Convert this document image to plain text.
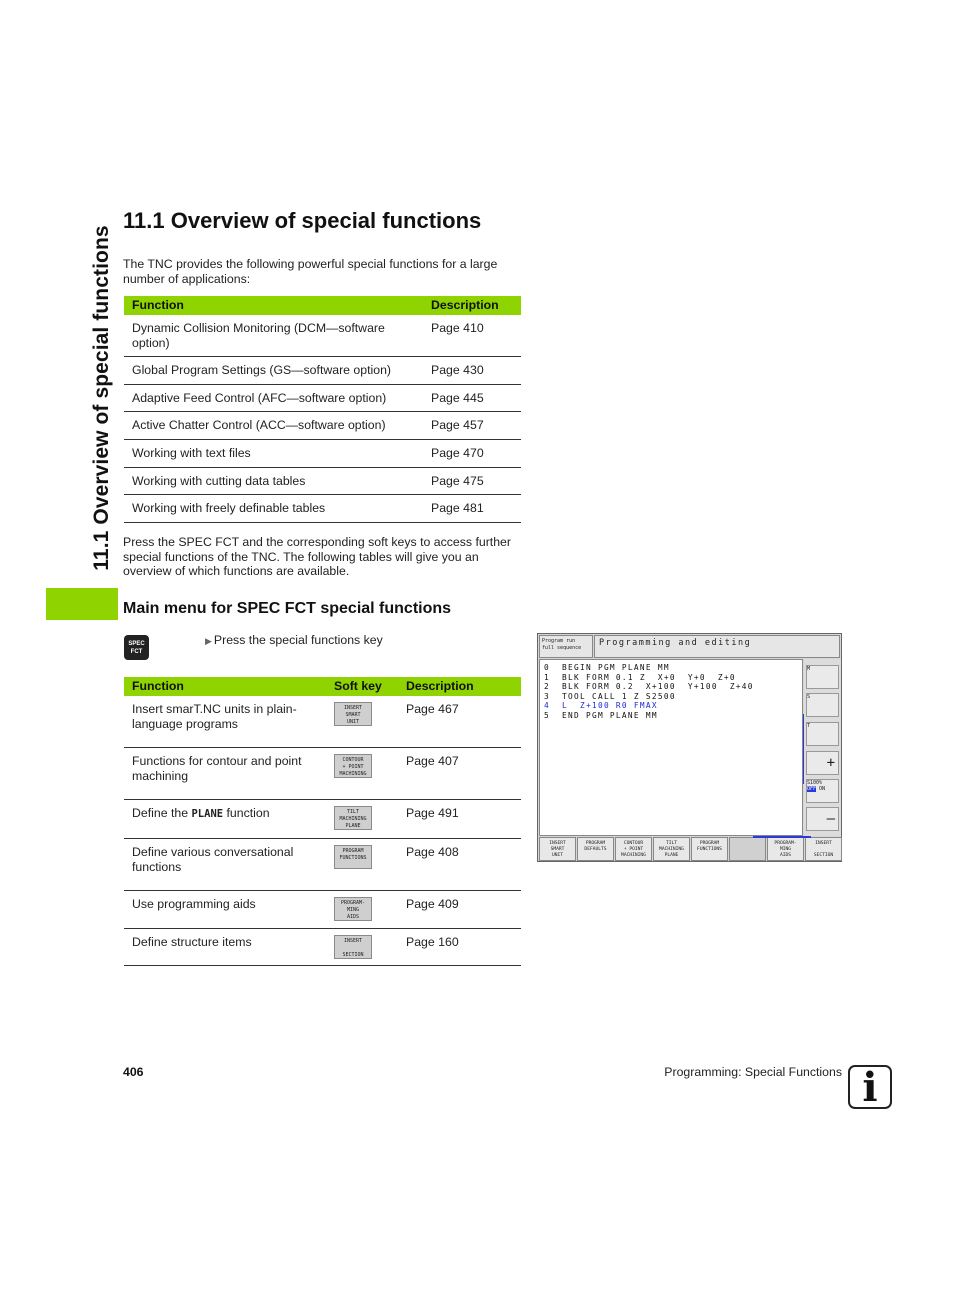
11.1 Overview of special functions
11.1 Overview of special functions

The TNC provides the following powerful special functions for a large number of applications:

Function	Description
Dynamic Collision Monitoring (DCM—software option)	Page 410
Global Program Settings (GS—software option)	Page 430
Adaptive Feed Control (AFC—software option)	Page 445
Active Chatter Control (ACC—software option)	Page 457
Working with text files	Page 470
Working with cutting data tables	Page 475
Working with freely definable tables	Page 481

Press the SPEC FCT and the corresponding soft keys to access further special functions of the TNC. The following tables will give you an overview of which functions are available.

Main menu for SPEC FCT special functions
SPEC
FCT
▶ Press the special functions key
Function	Soft key	Description
Insert smarT.NC units in plain-language programs	INSERT
SMART
UNIT	Page 467
Functions for contour and point machining	CONTOUR
+ POINT
MACHINING	Page 407
Define the PLANE function	TILT
MACHINING
PLANE	Page 491
Define various conversational functions	PROGRAM
FUNCTIONS	Page 408
Use programming aids	PROGRAM-
MING
AIDS	Page 409
Define structure items	INSERT

SECTION	Page 160
Program run
full sequence	Programming and editing
0  BEGIN PGM PLANE MM
1  BLK FORM 0.1 Z  X+0  Y+0  Z+0
2  BLK FORM 0.2  X+100  Y+100  Z+40
3  TOOL CALL 1 Z S2500
4  L  Z+100 R0 FMAX
5  END PGM PLANE MM
M
S
T
+
S100%
OFF ON
–
INSERT
SMART
UNIT
PROGRAM
DEFAULTS
CONTOUR
+ POINT
MACHINING
TILT
MACHINING
PLANE
PROGRAM
FUNCTIONS
PROGRAM-
MING
AIDS
INSERT

SECTION
406	Programming: Special Functions i
